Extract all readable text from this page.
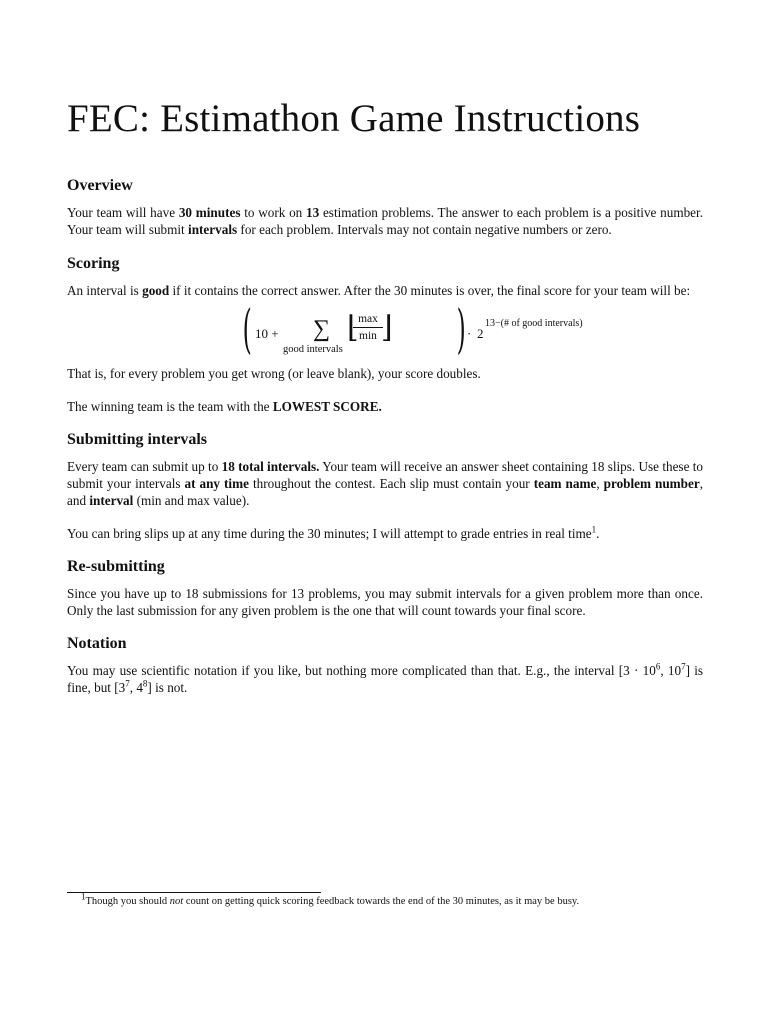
FEC: Estimathon Game Instructions
Overview

Your team will have 30 minutes to work on 13 estimation problems. The answer to each problem is a positive number. Your team will submit intervals for each problem. Intervals may not contain negative numbers or zero.

Scoring

An interval is good if it contains the correct answer. After the 30 minutes is over, the final score for your team will be:

( 10 + ∑
good intervals
⌊ max
min ⌋ ) · 2
13−(# of good intervals)

That is, for every problem you get wrong (or leave blank), your score doubles.

The winning team is the team with the LOWEST SCORE.

Submitting intervals

Every team can submit up to 18 total intervals. Your team will receive an answer sheet containing 18 slips. Use these to submit your intervals at any time throughout the contest. Each slip must contain your team name, problem number, and interval (min and max value).

You can bring slips up at any time during the 30 minutes; I will attempt to grade entries in real time$^1$.

Re-submitting

Since you have up to 18 submissions for 13 problems, you may submit intervals for a given problem more than once. Only the last submission for any given problem is the one that will count towards your final score.

Notation

You may use scientific notation if you like, but nothing more complicated than that. E.g., the interval [$3 \cdot 10^6$, $10^7$] is fine, but [$3^7$, $4^8$] is not.

$^1$Though you should not count on getting quick scoring feedback towards the end of the 30 minutes, as it may be busy.
